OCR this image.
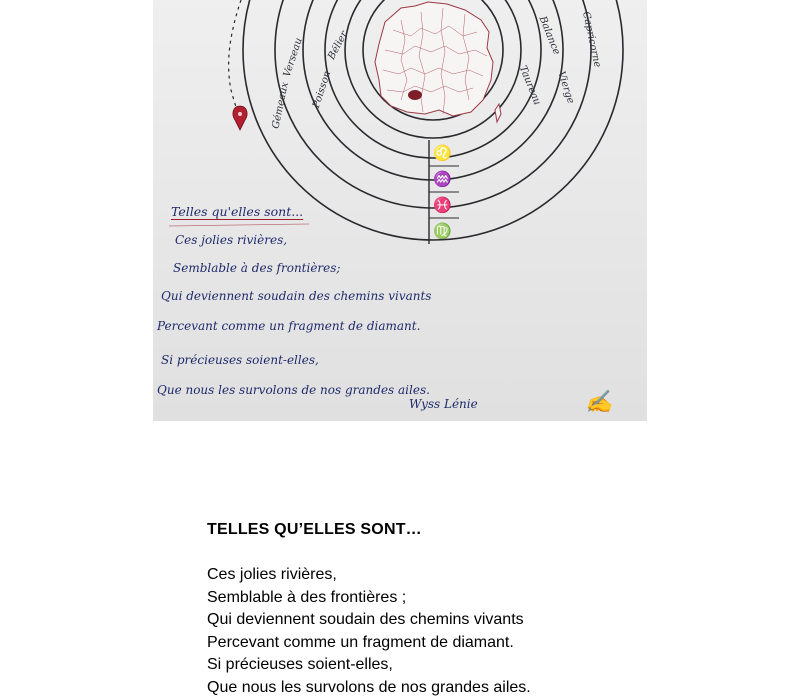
Gémeaux
Verseau
Poisson
Bélier	Capricorne
Balance
Vierge
Taureau
♌
♒
♓
♍
Telles qu'elles sont...
Ces jolies rivières,
Semblable à des frontières;
Qui deviennent soudain des chemins vivants
Percevant comme un fragment de diamant.
Si précieuses soient-elles,
Que nous les survolons de nos grandes ailes.
Wyss Lénie	✍

TELLES QU’ELLES SONT…

Ces jolies rivières,

Semblable à des frontières ;

Qui deviennent soudain des chemins vivants

Percevant comme un fragment de diamant.

Si précieuses soient-elles,

Que nous les survolons de nos grandes ailes.
